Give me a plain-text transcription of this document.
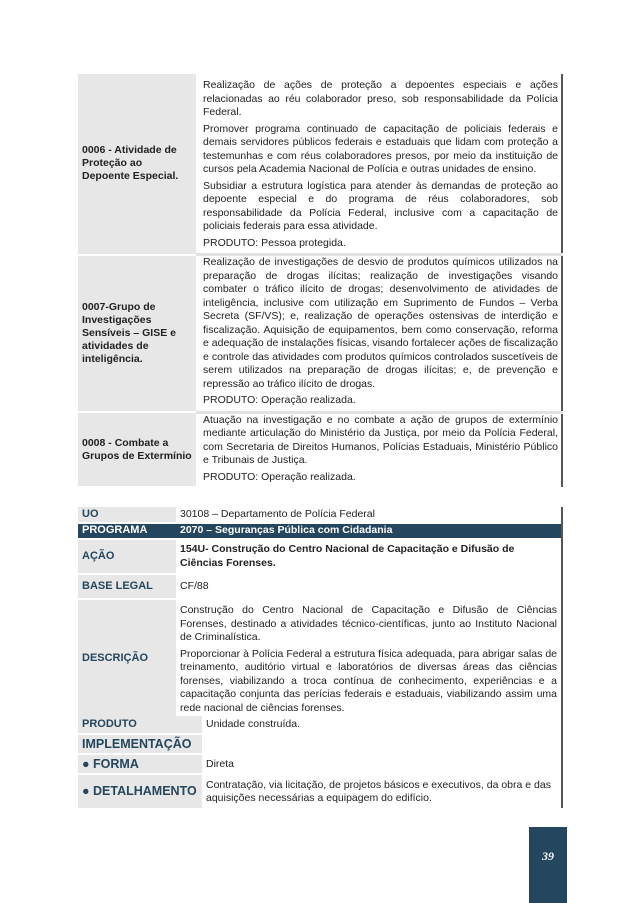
0006 - Atividade de Proteção ao Depoente Especial.	Realização de ações de proteção a depoentes especiais e ações relacionadas ao réu colaborador preso, sob responsabilidade da Polícia Federal.

Promover programa continuado de capacitação de policiais federais e demais servidores públicos federais e estaduais que lidam com proteção a testemunhas e com réus colaboradores presos, por meio da instituição de cursos pela Academia Nacional de Polícia e outras unidades de ensino.

Subsidiar a estrutura logística para atender às demandas de proteção ao depoente especial e do programa de réus colaboradores, sob responsabilidade da Polícia Federal, inclusive com a capacitação de policiais federais para essa atividade.

PRODUTO: Pessoa protegida.

0007-Grupo de Investigações Sensíveis – GISE e atividades de inteligência.	Realização de investigações de desvio de produtos químicos utilizados na preparação de drogas ilícitas; realização de investigações visando combater o tráfico ilícito de drogas; desenvolvimento de atividades de inteligência, inclusive com utilização em Suprimento de Fundos – Verba Secreta (SF/VS); e, realização de operações ostensivas de interdição e fiscalização. Aquisição de equipamentos, bem como conservação, reforma e adequação de instalações físicas, visando fortalecer ações de fiscalização e controle das atividades com produtos químicos controlados suscetíveis de serem utilizados na preparação de drogas ilícitas; e, de prevenção e repressão ao tráfico ilícito de drogas.

PRODUTO: Operação realizada.

0008 - Combate a Grupos de Extermínio	Atuação na investigação e no combate a ação de grupos de extermínio mediante articulação do Ministério da Justiça, por meio da Polícia Federal, com Secretaria de Direitos Humanos, Polícias Estaduais, Ministério Público e Tribunais de Justiça.

PRODUTO: Operação realizada.

UO	30108 – Departamento de Polícia Federal
PROGRAMA	2070 – Seguranças Pública com Cidadania
AÇÃO	154U- Construção do Centro Nacional de Capacitação e Difusão de Ciências Forenses.
BASE LEGAL	CF/88
DESCRIÇÃO	Construção do Centro Nacional de Capacitação e Difusão de Ciências Forenses, destinado a atividades técnico-científicas, junto ao Instituto Nacional de Criminalística.

Proporcionar à Polícia Federal a estrutura física adequada, para abrigar salas de treinamento, auditório virtual e laboratórios de diversas áreas das ciências forenses, viabilizando a troca contínua de conhecimento, experiências e a capacitação conjunta das perícias federais e estaduais, viabilizando assim uma rede nacional de ciências forenses.

PRODUTO	Unidade construída.
IMPLEMENTAÇÃO	
● FORMA	Direta
● DETALHAMENTO	Contratação, via licitação, de projetos básicos e executivos, da obra e das aquisições necessárias a equipagem do edifício.
39
